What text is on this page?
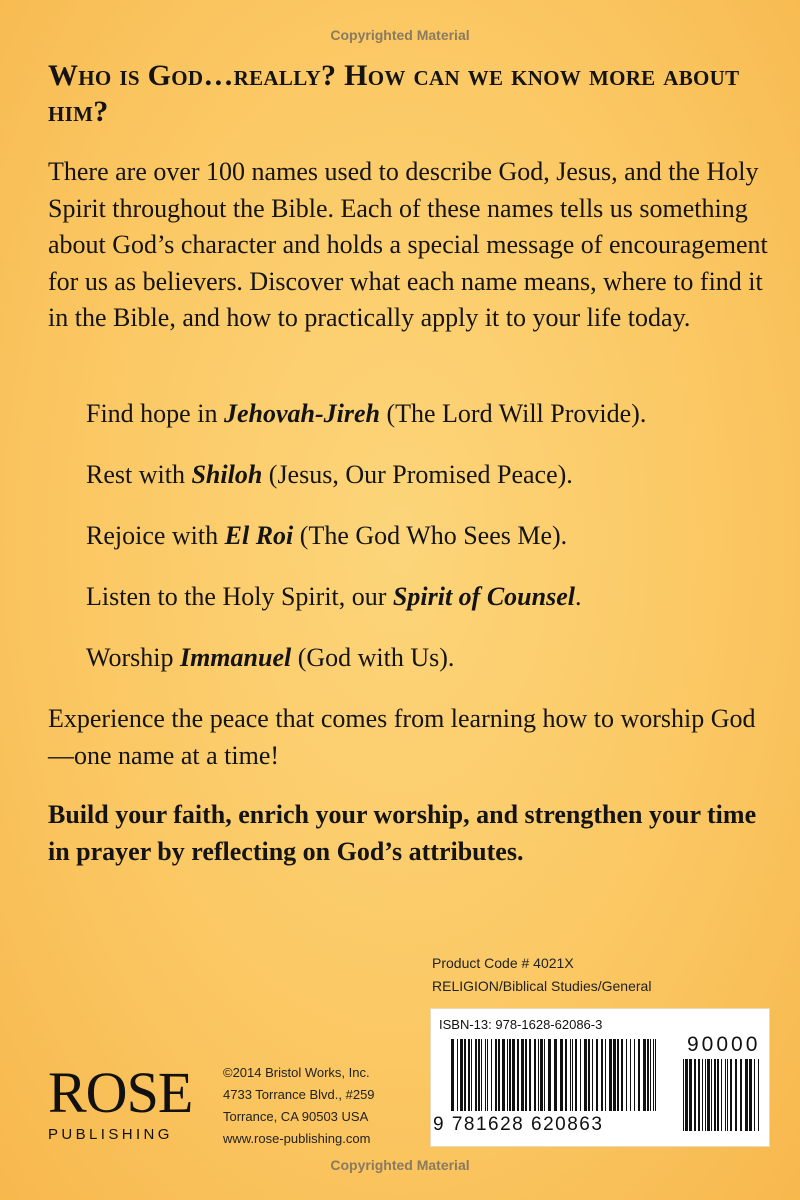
Copyrighted Material
Who is God…really? How can we know more about him?
There are over 100 names used to describe God, Jesus, and the Holy Spirit throughout the Bible. Each of these names tells us something about God’s character and holds a special message of encouragement for us as believers. Discover what each name means, where to find it in the Bible, and how to practically apply it to your life today.
Find hope in Jehovah-Jireh (The Lord Will Provide).
Rest with Shiloh (Jesus, Our Promised Peace).
Rejoice with El Roi (The God Who Sees Me).
Listen to the Holy Spirit, our Spirit of Counsel.
Worship Immanuel (God with Us).
Experience the peace that comes from learning how to worship God—one name at a time!
Build your faith, enrich your worship, and strengthen your time in prayer by reflecting on God’s attributes.
Product Code # 4021X
RELIGION/Biblical Studies/General
ISBN-13: 978-1628-62086-3
9 781628 620863
90000
ROSE
PUBLISHING
©2014 Bristol Works, Inc.
4733 Torrance Blvd., #259
Torrance, CA 90503 USA
www.rose-publishing.com
Copyrighted Material
